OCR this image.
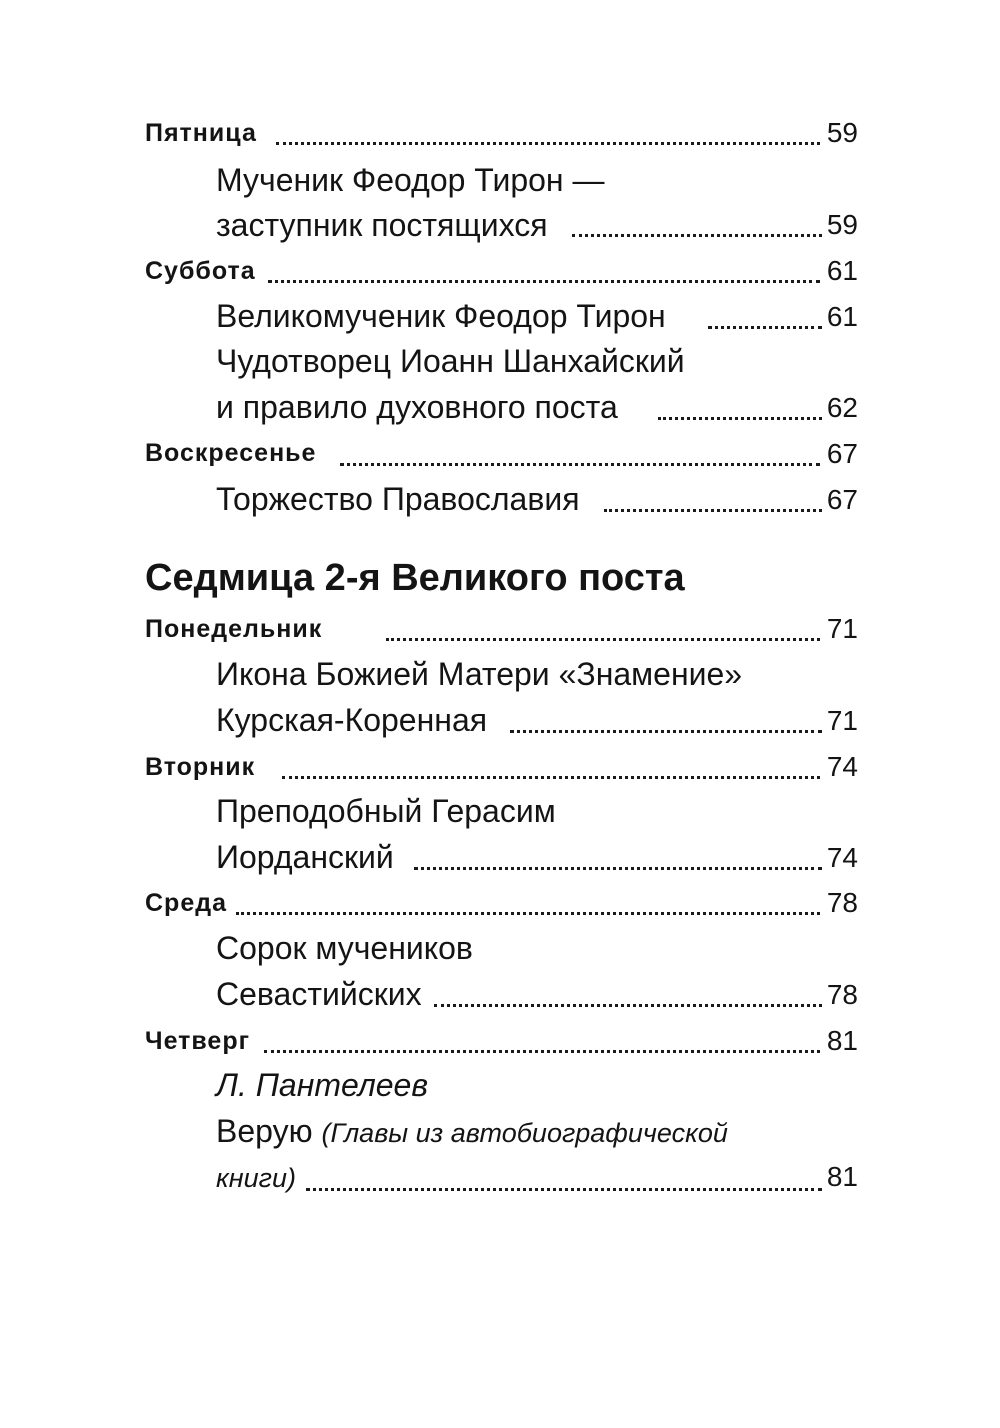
Пятница	59
Мученик Феодор Тирон —
заступник постящихся	59
Суббота	61
Великомученик Феодор Тирон	61
Чудотворец Иоанн Шанхайский
и правило духовного поста	62
Воскресенье	67
Торжество Православия	67
Седмица 2-я Великого поста
Понедельник	71
Икона Божией Матери «Знамение»
Курская-Коренная	71
Вторник	74
Преподобный Герасим
Иорданский	74
Среда	78
Сорок мучеников
Севастийских	78
Четверг	81
Л. Пантелеев
Верую (Главы из автобиографической
книги)	81
